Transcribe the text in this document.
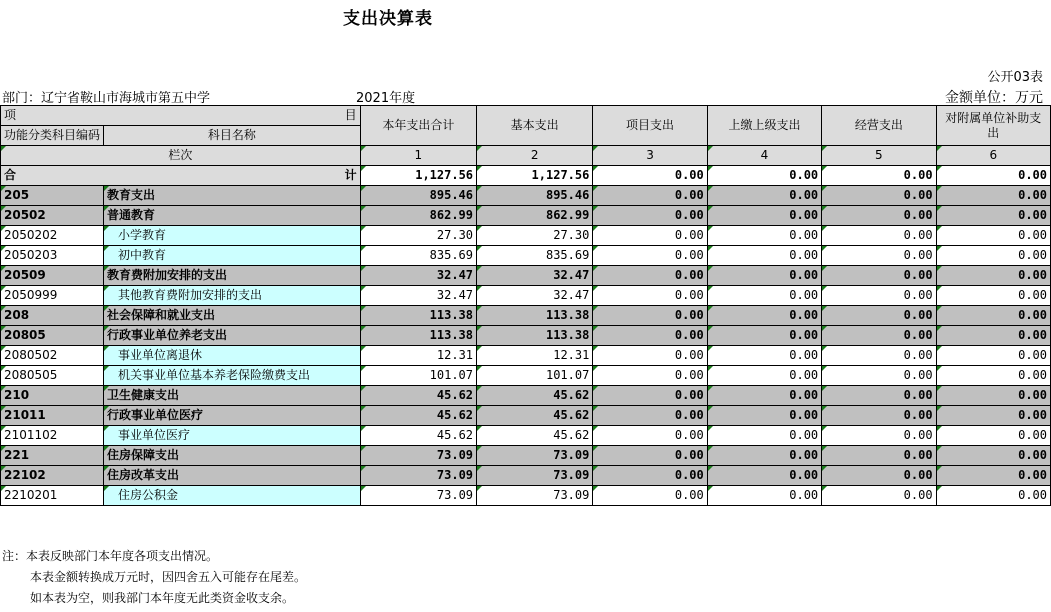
支出决算表
公开03表
部门：辽宁省鞍山市海城市第五中学	2021年度	金额单位：万元
项 目		本年支出合计	基本支出	项目支出	上缴上级支出	经营支出	对附属单位补助支出
功能分类科目编码	科目名称						
栏次		1	2	3	4	5	6

合 计		1,127.56	1,127.56	0.00	0.00	0.00	0.00
205	教育支出	895.46	895.46	0.00	0.00	0.00	0.00
20502	普通教育	862.99	862.99	0.00	0.00	0.00	0.00
2050202	小学教育	27.30	27.30	0.00	0.00	0.00	0.00
2050203	初中教育	835.69	835.69	0.00	0.00	0.00	0.00
20509	教育费附加安排的支出	32.47	32.47	0.00	0.00	0.00	0.00
2050999	其他教育费附加安排的支出	32.47	32.47	0.00	0.00	0.00	0.00
208	社会保障和就业支出	113.38	113.38	0.00	0.00	0.00	0.00
20805	行政事业单位养老支出	113.38	113.38	0.00	0.00	0.00	0.00
2080502	事业单位离退休	12.31	12.31	0.00	0.00	0.00	0.00
2080505	机关事业单位基本养老保险缴费支出	101.07	101.07	0.00	0.00	0.00	0.00
210	卫生健康支出	45.62	45.62	0.00	0.00	0.00	0.00
21011	行政事业单位医疗	45.62	45.62	0.00	0.00	0.00	0.00
2101102	事业单位医疗	45.62	45.62	0.00	0.00	0.00	0.00
221	住房保障支出	73.09	73.09	0.00	0.00	0.00	0.00
22102	住房改革支出	73.09	73.09	0.00	0.00	0.00	0.00
2210201	住房公积金	73.09	73.09	0.00	0.00	0.00	0.00
注：本表反映部门本年度各项支出情况。
本表金额转换成万元时，因四舍五入可能存在尾差。
如本表为空，则我部门本年度无此类资金收支余。
